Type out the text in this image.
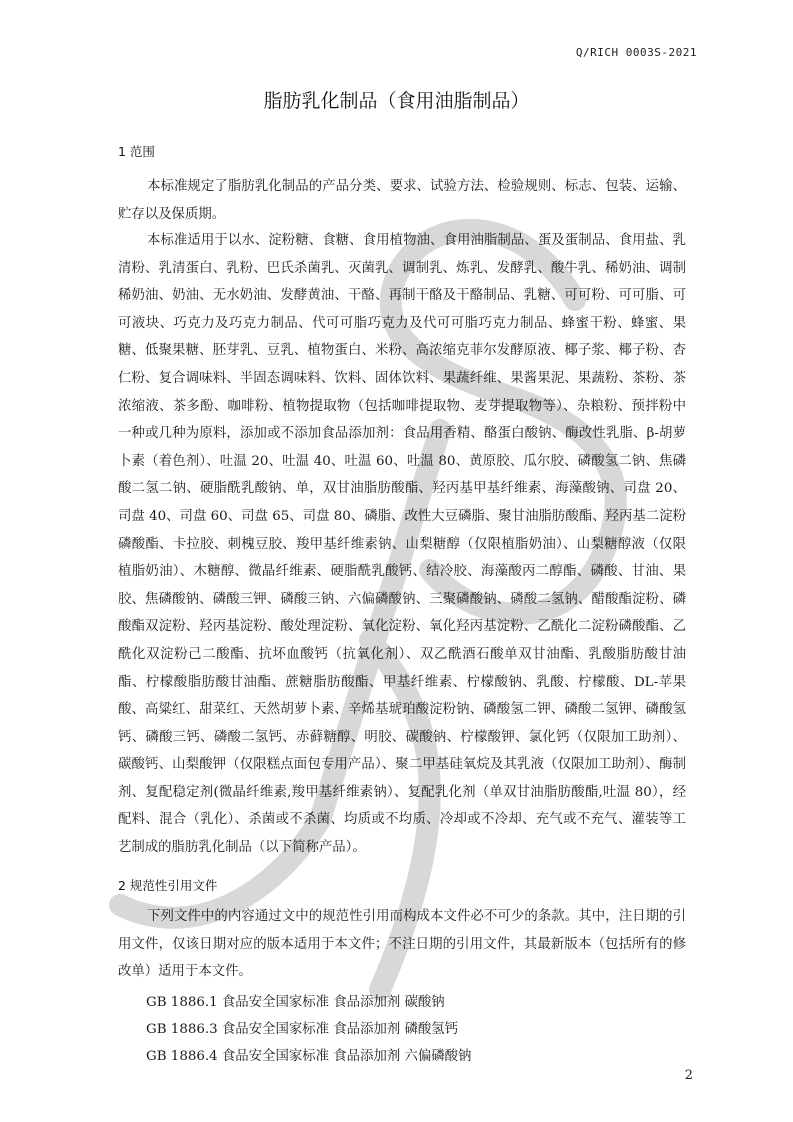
Q/RICH 0003S-2021
脂肪乳化制品（食用油脂制品）
1 范围

本标准规定了脂肪乳化制品的产品分类、要求、试验方法、检验规则、标志、包装、运输、贮存以及保质期。

本标准适用于以水、淀粉糖、食糖、食用植物油、食用油脂制品、蛋及蛋制品、食用盐、乳清粉、乳清蛋白、乳粉、巴氏杀菌乳、灭菌乳、调制乳、炼乳、发酵乳、酸牛乳、稀奶油、调制稀奶油、奶油、无水奶油、发酵黄油、干酪、再制干酪及干酪制品、乳糖、可可粉、可可脂、可可液块、巧克力及巧克力制品、代可可脂巧克力及代可可脂巧克力制品、蜂蜜干粉、蜂蜜、果糖、低聚果糖、胚芽乳、豆乳、植物蛋白、米粉、高浓缩克菲尔发酵原液、椰子浆、椰子粉、杏仁粉、复合调味料、半固态调味料、饮料、固体饮料、果蔬纤维、果酱果泥、果蔬粉、茶粉、茶浓缩液、茶多酚、咖啡粉、植物提取物（包括咖啡提取物、麦芽提取物等）、杂粮粉、预拌粉中一种或几种为原料，添加或不添加食品添加剂：食品用香精、酪蛋白酸钠、酶改性乳脂、β-胡萝卜素（着色剂）、吐温 20、吐温 40、吐温 60、吐温 80、黄原胶、瓜尔胶、磷酸氢二钠、焦磷酸二氢二钠、硬脂酰乳酸钠、单，双甘油脂肪酸酯、羟丙基甲基纤维素、海藻酸钠、司盘 20、司盘 40、司盘 60、司盘 65、司盘 80、磷脂、改性大豆磷脂、聚甘油脂肪酸酯、羟丙基二淀粉磷酸酯、卡拉胶、刺槐豆胶、羧甲基纤维素钠、山梨糖醇（仅限植脂奶油）、山梨糖醇液（仅限植脂奶油）、木糖醇、微晶纤维素、硬脂酰乳酸钙、结冷胶、海藻酸丙二醇酯、磷酸、甘油、果胶、焦磷酸钠、磷酸三钾、磷酸三钠、六偏磷酸钠、三聚磷酸钠、磷酸二氢钠、醋酸酯淀粉、磷酸酯双淀粉、羟丙基淀粉、酸处理淀粉、氧化淀粉、氧化羟丙基淀粉、乙酰化二淀粉磷酸酯、乙酰化双淀粉己二酸酯、抗坏血酸钙（抗氧化剂）、双乙酰酒石酸单双甘油酯、乳酸脂肪酸甘油酯、柠檬酸脂肪酸甘油酯、蔗糖脂肪酸酯、甲基纤维素、柠檬酸钠、乳酸、柠檬酸、DL-苹果酸、高粱红、甜菜红、天然胡萝卜素、辛烯基琥珀酸淀粉钠、磷酸氢二钾、磷酸二氢钾、磷酸氢钙、磷酸三钙、磷酸二氢钙、赤藓糖醇、明胶、碳酸钠、柠檬酸钾、氯化钙（仅限加工助剂）、碳酸钙、山梨酸钾（仅限糕点面包专用产品）、聚二甲基硅氧烷及其乳液（仅限加工助剂）、酶制剂、复配稳定剂(微晶纤维素,羧甲基纤维素钠）、复配乳化剂（单双甘油脂肪酸酯,吐温 80），经配料、混合（乳化）、杀菌或不杀菌、均质或不均质、冷却或不冷却、充气或不充气、灌装等工艺制成的脂肪乳化制品（以下简称产品）。

2 规范性引用文件

下列文件中的内容通过文中的规范性引用而构成本文件必不可少的条款。其中，注日期的引用文件，仅该日期对应的版本适用于本文件；不注日期的引用文件，其最新版本（包括所有的修改单）适用于本文件。

GB 1886.1 食品安全国家标准 食品添加剂 碳酸钠
GB 1886.3 食品安全国家标准 食品添加剂 磷酸氢钙
GB 1886.4 食品安全国家标准 食品添加剂 六偏磷酸钠
2
